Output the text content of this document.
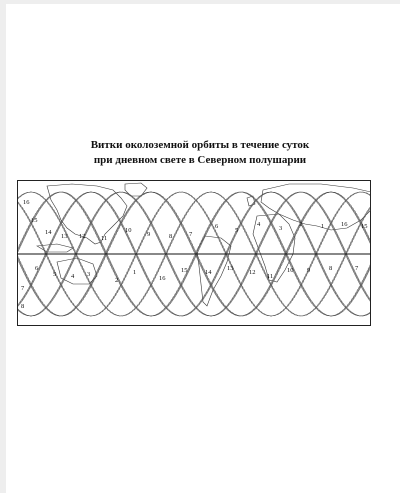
Витки околоземной орбиты в течение суток
при дневном свете в Северном полушарии
16
15
14
13 12 11
10
9	8	7
6
5
4
3
2	1	16 15
7
6
5 4 3
2
1
16
15	14
13
12
11
10 9	8	7
8
